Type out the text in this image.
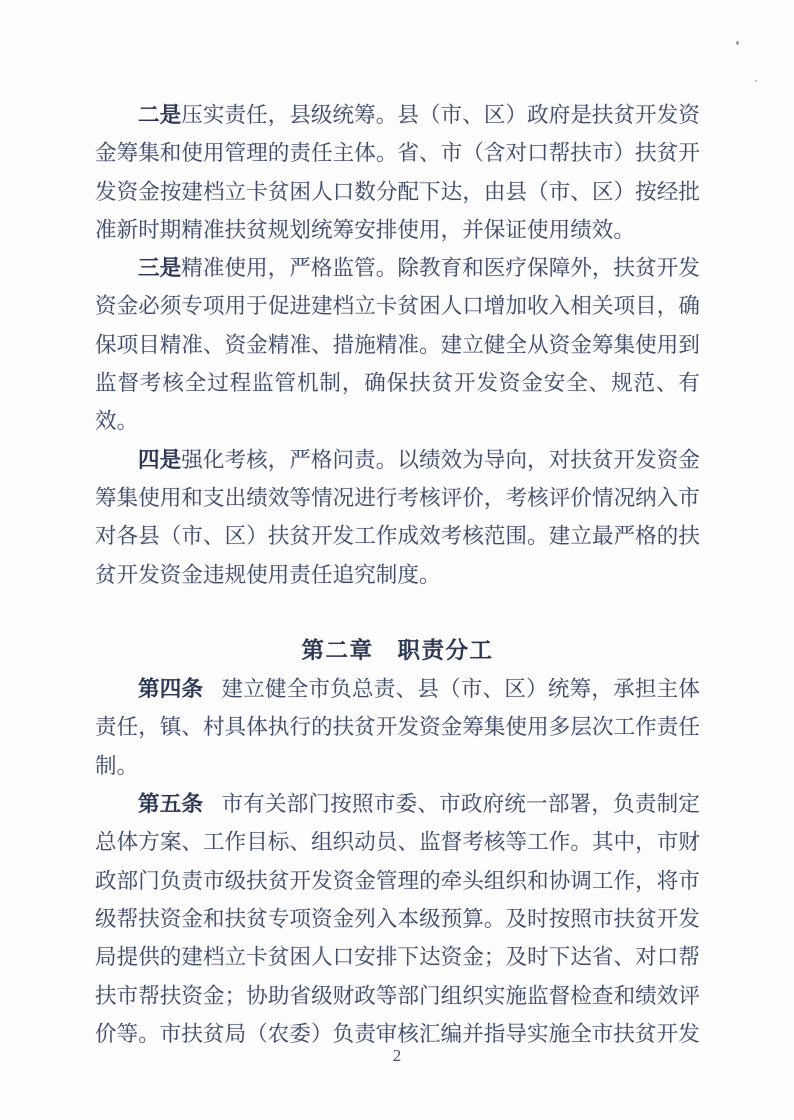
二是压实责任，县级统筹。县（市、区）政府是扶贫开发资金筹集和使用管理的责任主体。省、市（含对口帮扶市）扶贫开发资金按建档立卡贫困人口数分配下达，由县（市、区）按经批准新时期精准扶贫规划统筹安排使用，并保证使用绩效。

三是精准使用，严格监管。除教育和医疗保障外，扶贫开发资金必须专项用于促进建档立卡贫困人口增加收入相关项目，确保项目精准、资金精准、措施精准。建立健全从资金筹集使用到监督考核全过程监管机制，确保扶贫开发资金安全、规范、有效。

四是强化考核，严格问责。以绩效为导向，对扶贫开发资金筹集使用和支出绩效等情况进行考核评价，考核评价情况纳入市对各县（市、区）扶贫开发工作成效考核范围。建立最严格的扶贫开发资金违规使用责任追究制度。

第二章　职责分工

第四条 建立健全市负总责、县（市、区）统筹，承担主体责任，镇、村具体执行的扶贫开发资金筹集使用多层次工作责任制。

第五条 市有关部门按照市委、市政府统一部署，负责制定总体方案、工作目标、组织动员、监督考核等工作。其中，市财政部门负责市级扶贫开发资金管理的牵头组织和协调工作，将市级帮扶资金和扶贫专项资金列入本级预算。及时按照市扶贫开发局提供的建档立卡贫困人口安排下达资金；及时下达省、对口帮扶市帮扶资金；协助省级财政等部门组织实施监督检查和绩效评价等。市扶贫局（农委）负责审核汇编并指导实施全市扶贫开发

2
